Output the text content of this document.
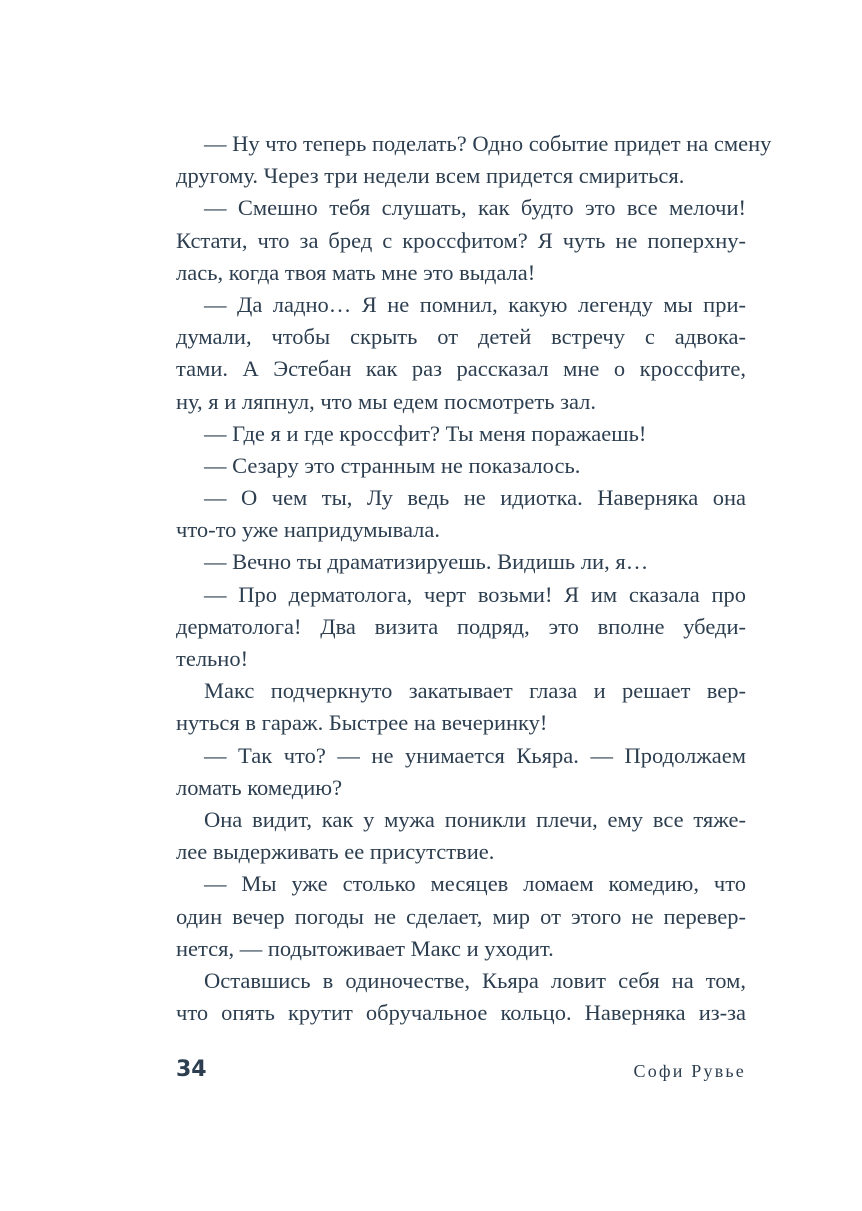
— Ну что теперь поделать? Одно событие придет на смену
другому. Через три недели всем придется смириться.
— Смешно тебя слушать, как будто это все мелочи!
Кстати, что за бред с кроссфитом? Я чуть не поперхну-
лась, когда твоя мать мне это выдала!
— Да ладно… Я не помнил, какую легенду мы при-
думали, чтобы скрыть от детей встречу с адвока-
тами. А Эстебан как раз рассказал мне о кроссфите,
ну, я и ляпнул, что мы едем посмотреть зал.
— Где я и где кроссфит? Ты меня поражаешь!
— Сезару это странным не показалось.
— О чем ты, Лу ведь не идиотка. Наверняка она
что-то уже напридумывала.
— Вечно ты драматизируешь. Видишь ли, я…
— Про дерматолога, черт возьми! Я им сказала про
дерматолога! Два визита подряд, это вполне убеди-
тельно!
Макс подчеркнуто закатывает глаза и решает вер-
нуться в гараж. Быстрее на вечеринку!
— Так что? — не унимается Кьяра. — Продолжаем
ломать комедию?
Она видит, как у мужа поникли плечи, ему все тяже-
лее выдерживать ее присутствие.
— Мы уже столько месяцев ломаем комедию, что
один вечер погоды не сделает, мир от этого не перевер-
нется, — подытоживает Макс и уходит.
Оставшись в одиночестве, Кьяра ловит себя на том,
что опять крутит обручальное кольцо. Наверняка из-за
34	Софи Рувье
